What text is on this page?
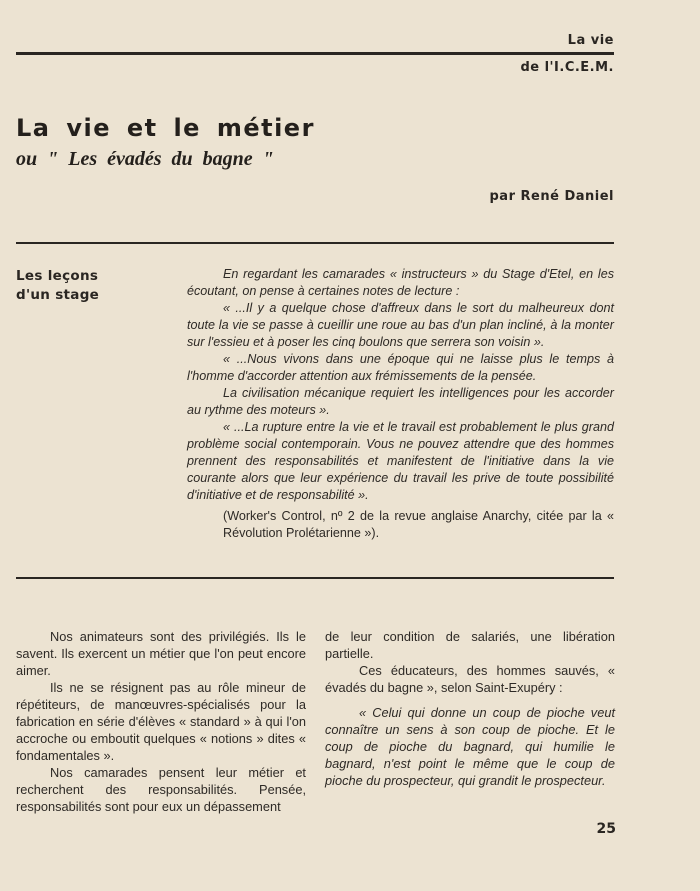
La vie
de l'I.C.E.M.
La vie et le métier
ou " Les évadés du bagne "
par René Daniel
Les leçons
d'un stage

En regardant les camarades « instructeurs » du Stage d'Etel, en les écoutant, on pense à certaines notes de lecture :

« ...Il y a quelque chose d'affreux dans le sort du malheureux dont toute la vie se passe à cueillir une roue au bas d'un plan incliné, à la monter sur l'essieu et à poser les cinq boulons que serrera son voisin ».

« ...Nous vivons dans une époque qui ne laisse plus le temps à l'homme d'accorder attention aux frémissements de la pensée.

La civilisation mécanique requiert les intelligences pour les accorder au rythme des moteurs ».

« ...La rupture entre la vie et le travail est probablement le plus grand problème social contemporain. Vous ne pouvez attendre que des hommes prennent des responsabilités et manifestent de l'initiative dans la vie courante alors que leur expérience du travail les prive de toute possibilité d'initiative et de responsabilité ».

(Worker's Control, nº 2 de la revue anglaise Anarchy, citée par la « Révolution Prolétarienne »).

Nos animateurs sont des privilégiés. Ils le savent. Ils exercent un métier que l'on peut encore aimer.

Ils ne se résignent pas au rôle mineur de répétiteurs, de manœuvres-spécialisés pour la fabrication en série d'élèves « standard » à qui l'on accroche ou emboutit quelques « notions » dites « fondamentales ».

Nos camarades pensent leur métier et recherchent des responsabilités. Pensée, responsabilités sont pour eux un dépassement

de leur condition de salariés, une libération partielle.

Ces éducateurs, des hommes sauvés, « évadés du bagne », selon Saint-Exupéry :

« Celui qui donne un coup de pioche veut connaître un sens à son coup de pioche. Et le coup de pioche du bagnard, qui humilie le bagnard, n'est point le même que le coup de pioche du prospecteur, qui grandit le prospecteur.

25
